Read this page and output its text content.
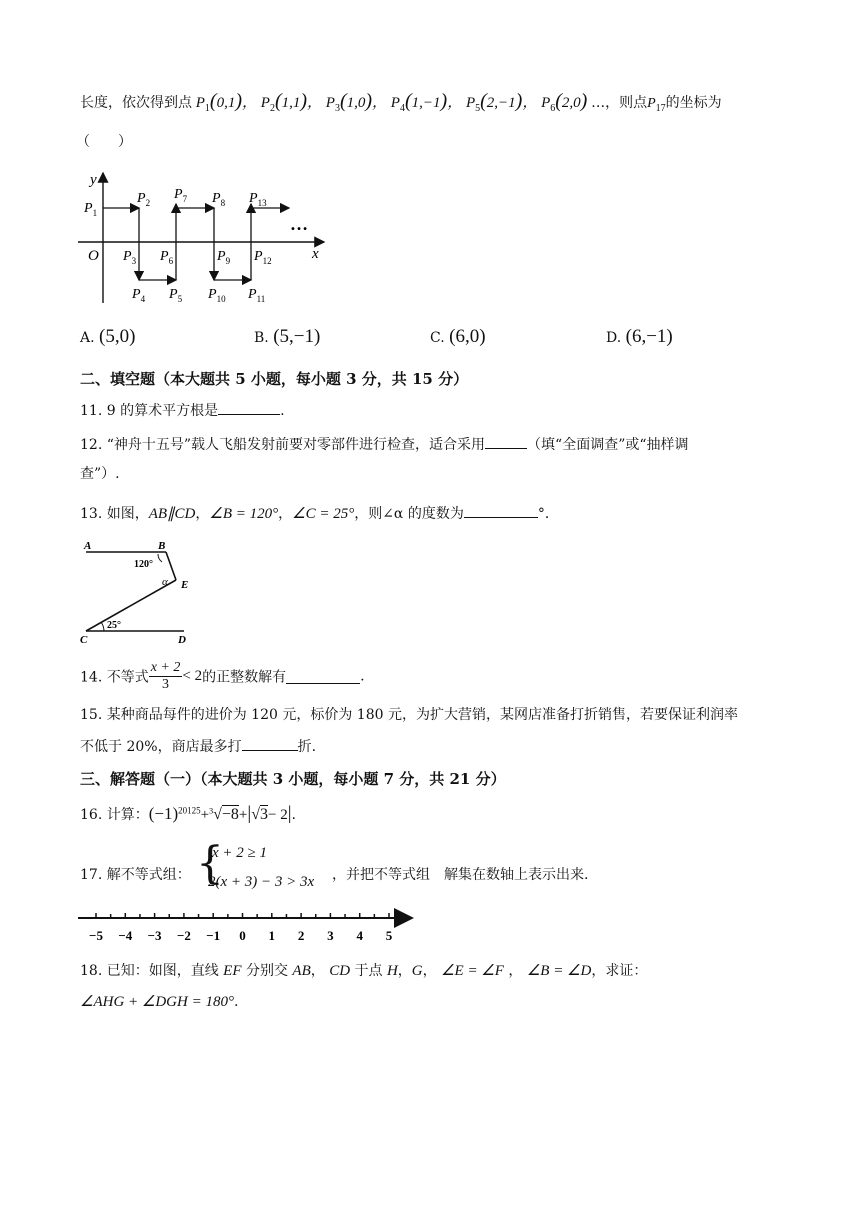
长度，依次得到点 $P_1(0,1)$， $P_2(1,1)$， $P_3(1,0)$， $P_4(1,-1)$， $P_5(2,-1)$， $P_6(2,0)$ …，则点$P_{17}$的坐标为
（　　）
y
x
O
…
$P_1$
$P_2$
$P_3$
$P_4$ $P_5$
$P_6$
$P_7$ $P_8$
$P_9$
$P_{10}$ $P_{11}$
$P_{12}$
$P_{13}$
A. (5,0)	B. (5,−1)	C. (6,0)	D. (6,−1)
二、填空题（本大题共 5 小题，每小题 3 分，共 15 分）
11. 9 的算术平方根是	.
12. “神舟十五号”载人飞船发射前要对零部件进行检查，适合采用	（填“全面调查”或“抽样调
查”）.
13. 如图，AB∥CD，∠B = 120°，∠C = 25°，则∠α 的度数为	°．
A	B
C	D
E
α
120°
25°
14. 不等式 $\frac{x + 2}{3} < 2$的正整数解有	.
15. 某种商品每件的进价为 120 元，标价为 180 元，为扩大营销，某网店准备打折销售，若要保证利润率
不低于 20%，商店最多打	折.
三、解答题（一）（本大题共 3 小题，每小题 7 分，共 21 分）
16. 计算：$(-1)^{20125}+^3√-8+|√3- 2|$.
17. 解不等式组： {
x + 2 ≥ 1
2(x + 3) − 3 > 3x ，并把不等式组　解集在数轴上表示出来.
−5 −4 −3 −2 −1 0 1 2 3 4 5
18. 已知：如图，直线 EF 分别交 AB， CD 于点 H，G， ∠E = ∠F ， ∠B = ∠D，求证：
∠AHG + ∠DGH = 180°.
